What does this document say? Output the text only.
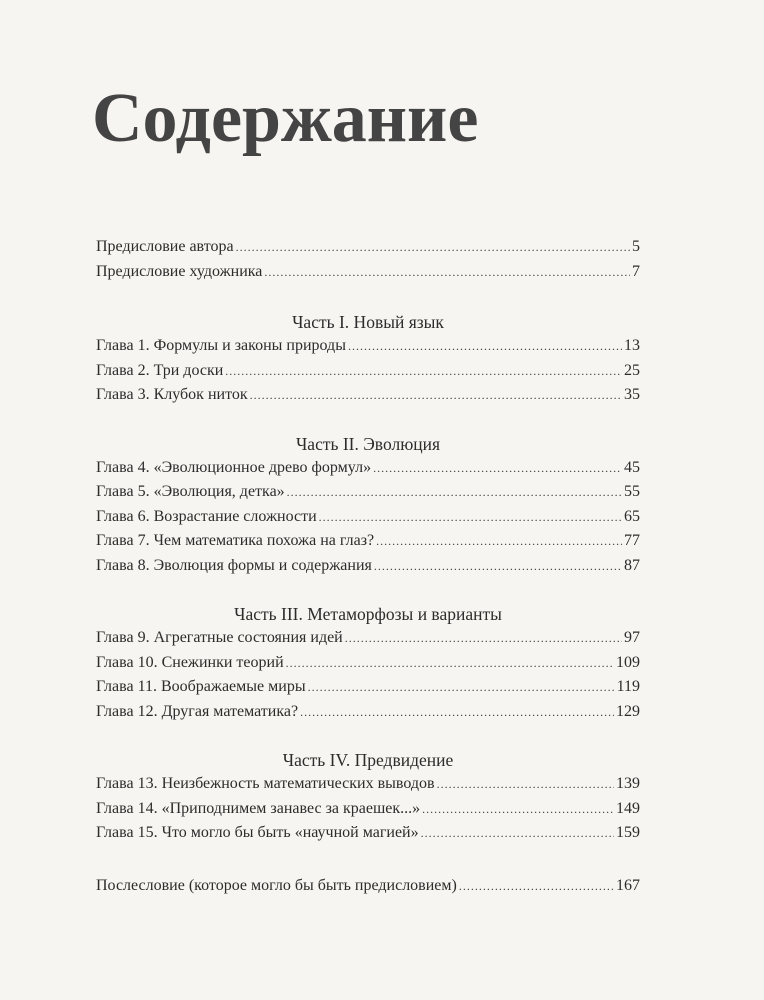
Содержание
Предисловие автора .....	5
Предисловие художника .....	7
Часть I. Новый язык
Глава 1. Формулы и законы природы .....	13
Глава 2. Три доски .....	25
Глава 3. Клубок ниток .....	35
Часть II. Эволюция
Глава 4. «Эволюционное древо формул» .....	45
Глава 5. «Эволюция, детка» .....	55
Глава 6. Возрастание сложности .....	65
Глава 7. Чем математика похожа на глаз? .....	77
Глава 8. Эволюция формы и содержания .....	87
Часть III. Метаморфозы и варианты
Глава 9. Агрегатные состояния идей .....	97
Глава 10. Снежинки теорий .....	109
Глава 11. Воображаемые миры .....	119
Глава 12. Другая математика? .....	129
Часть IV. Предвидение
Глава 13. Неизбежность математических выводов .....	139
Глава 14. «Приподнимем занавес за краешек...» .....	149
Глава 15. Что могло бы быть «научной магией» .....	159
Послесловие (которое могло бы быть предисловием) .....	167
